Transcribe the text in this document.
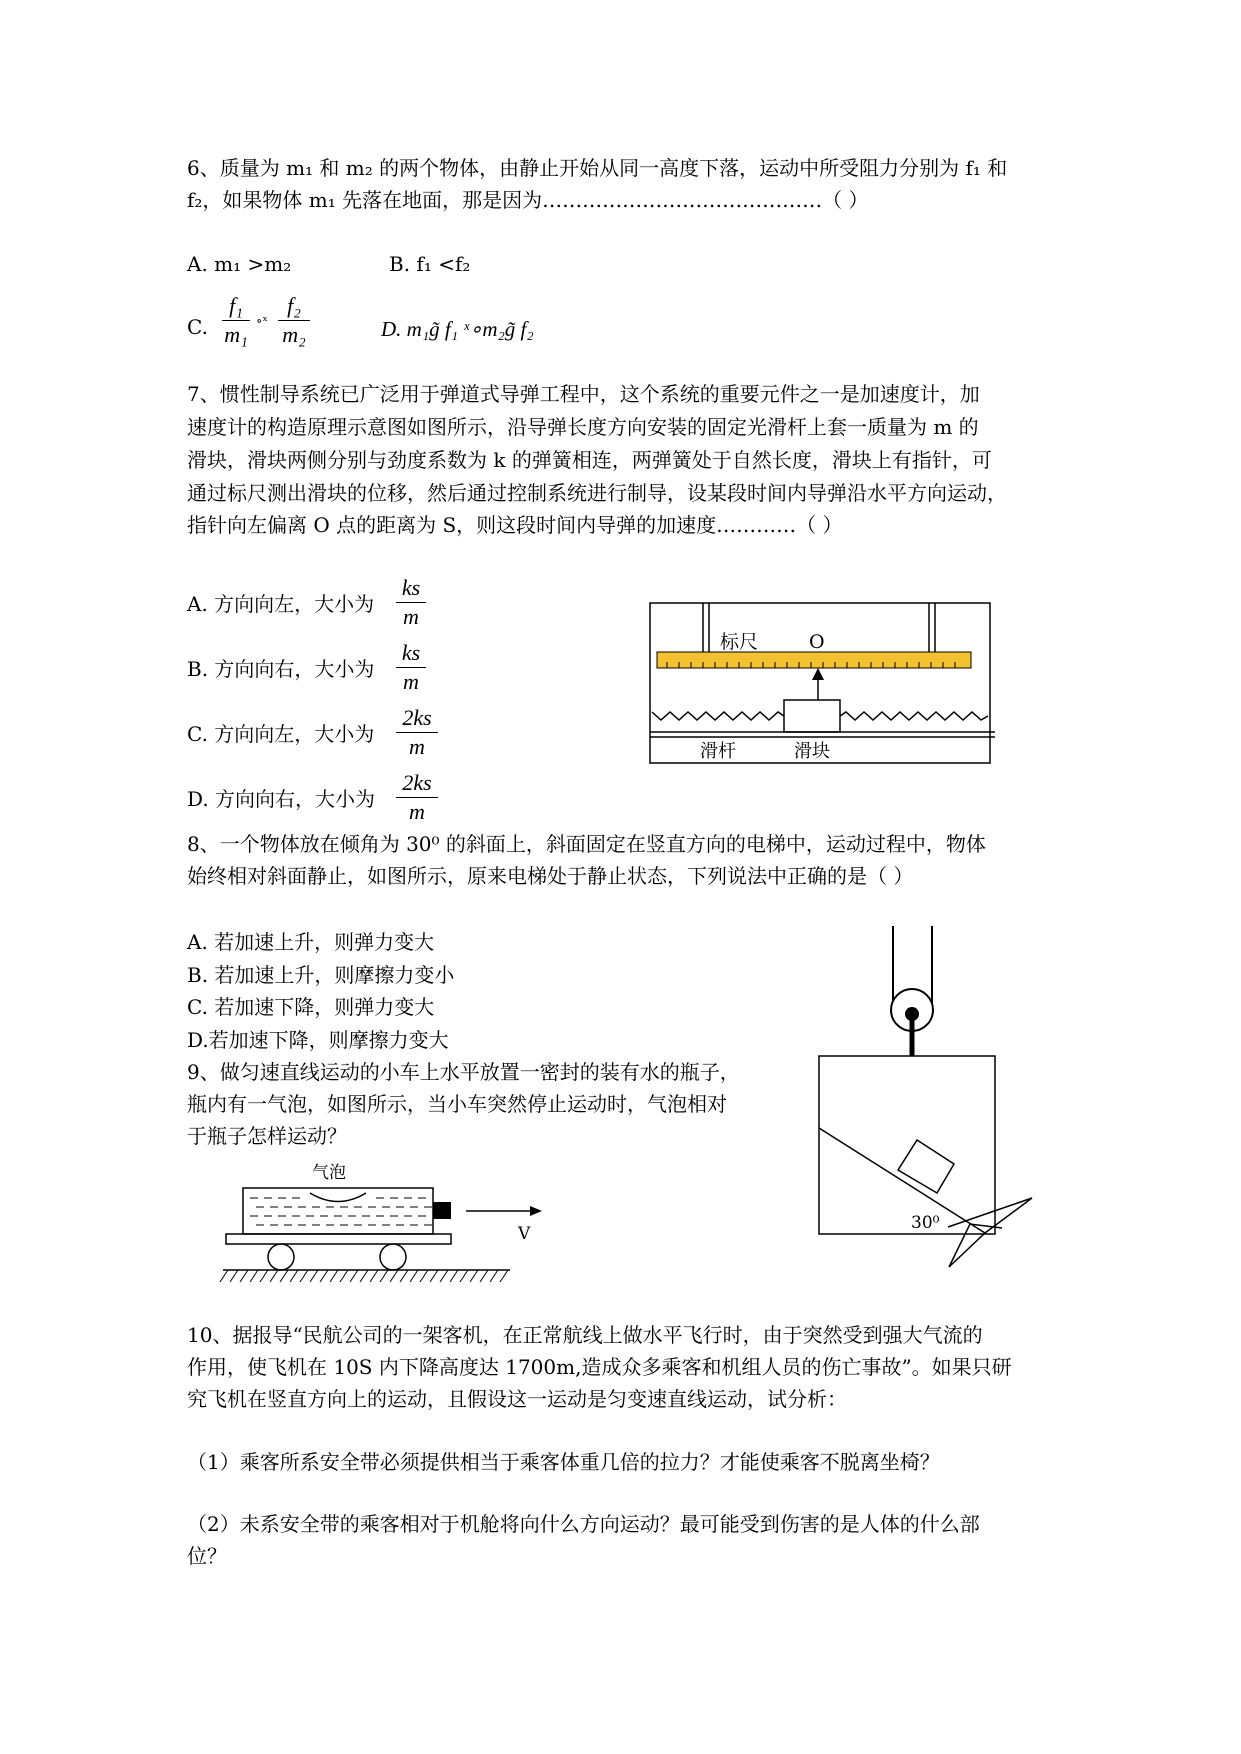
6、质量为 m₁ 和 m₂ 的两个物体，由静止开始从同一高度下落，运动中所受阻力分别为 f₁ 和
f₂，如果物体 m₁ 先落在地面，那是因为……………………………………（ ）
A. m₁ >m₂	B. f₁ <f₂
C.
f₁
m₁
∘ˣ
f₂
m₂	D. m₁g̃ f₁ ˣ∘m₂g̃ f₂
7、惯性制导系统已广泛用于弹道式导弹工程中，这个系统的重要元件之一是加速度计，加
速度计的构造原理示意图如图所示，沿导弹长度方向安装的固定光滑杆上套一质量为 m 的
滑块，滑块两侧分别与劲度系数为 k 的弹簧相连，两弹簧处于自然长度，滑块上有指针，可
通过标尺测出滑块的位移，然后通过控制系统进行制导，设某段时间内导弹沿水平方向运动，
指针向左偏离 O 点的距离为 S，则这段时间内导弹的加速度…………（ ）
A. 方向向左，大小为
ks
m
B. 方向向右，大小为
ks
m
C. 方向向左，大小为
2ks
m
D. 方向向右，大小为
2ks
m
标尺	O
滑杆	滑块
8、一个物体放在倾角为 30⁰ 的斜面上，斜面固定在竖直方向的电梯中，运动过程中，物体
始终相对斜面静止，如图所示，原来电梯处于静止状态，下列说法中正确的是（ ）
A. 若加速上升，则弹力变大
B. 若加速上升，则摩擦力变小
C. 若加速下降，则弹力变大
D.若加速下降，则摩擦力变大
30⁰
9、做匀速直线运动的小车上水平放置一密封的装有水的瓶子，
瓶内有一气泡，如图所示，当小车突然停止运动时，气泡相对
于瓶子怎样运动？
气泡
V
10、据报导“民航公司的一架客机，在正常航线上做水平飞行时，由于突然受到强大气流的
作用，使飞机在 10S 内下降高度达 1700m,造成众多乘客和机组人员的伤亡事故”。如果只研
究飞机在竖直方向上的运动，且假设这一运动是匀变速直线运动，试分析：
（1）乘客所系安全带必须提供相当于乘客体重几倍的拉力？才能使乘客不脱离坐椅？
（2）未系安全带的乘客相对于机舱将向什么方向运动？最可能受到伤害的是人体的什么部
位？
